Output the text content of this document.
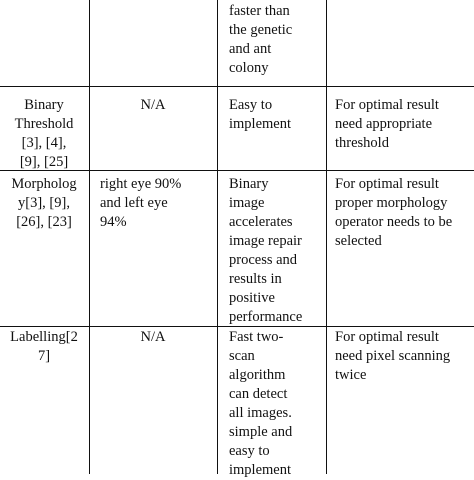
faster than
the genetic
and ant
colony
Binary
Threshold
[3], [4],
[9], [25]
N/A	Easy to
implement
For optimal result
need appropriate
threshold
Morpholog
y[3], [9],
[26], [23]
right eye 90%
and left eye
94%
Binary
image
accelerates
image repair
process and
results in
positive
performance
For optimal result
proper morphology
operator needs to be
selected
Labelling[2
7]
N/A	Fast two-
scan
algorithm
can detect
all images.
simple and
easy to
implement
For optimal result
need pixel scanning
twice
